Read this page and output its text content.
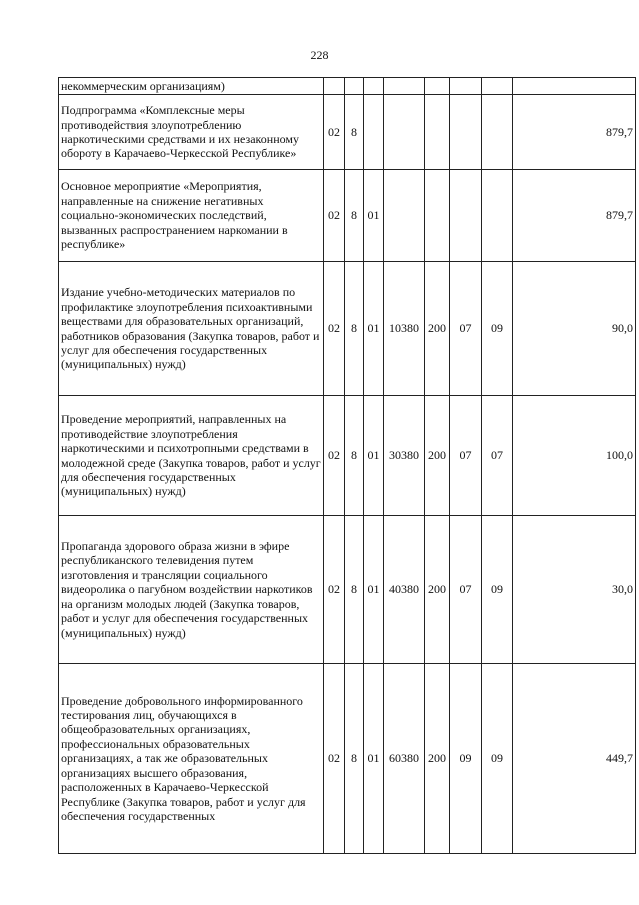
228
некоммерческим организациям)								
Подпрограмма «Комплексные меры противодействия злоупотреблению наркотическими средствами и их незаконному обороту в Карачаево-Черкесской Республике»	02	8						879,7
Основное мероприятие «Мероприятия, направленные на снижение негативных социально-экономических последствий, вызванных распространением наркомании в республике»	02	8	01					879,7
Издание учебно-методических материалов по профилактике злоупотребления психоактивными веществами для образовательных организаций, работников образования (Закупка товаров, работ и услуг для обеспечения государственных (муниципальных) нужд)	02	8	01	10380	200	07	09	90,0
Проведение мероприятий, направленных на противодействие злоупотребления наркотическими и психотропными средствами в молодежной среде (Закупка товаров, работ и услуг для обеспечения государственных (муниципальных) нужд)	02	8	01	30380	200	07	07	100,0
Пропаганда здорового образа жизни в эфире республиканского телевидения путем изготовления и трансляции социального видеоролика о пагубном воздействии наркотиков на организм молодых людей (Закупка товаров, работ и услуг для обеспечения государственных (муниципальных) нужд)	02	8	01	40380	200	07	09	30,0
Проведение добровольного информированного тестирования лиц, обучающихся в общеобразовательных организациях, профессиональных образовательных организациях, а так же образовательных организациях высшего образования, расположенных в Карачаево-Черкесской Республике (Закупка товаров, работ и услуг для обеспечения государственных	02	8	01	60380	200	09	09	449,7
